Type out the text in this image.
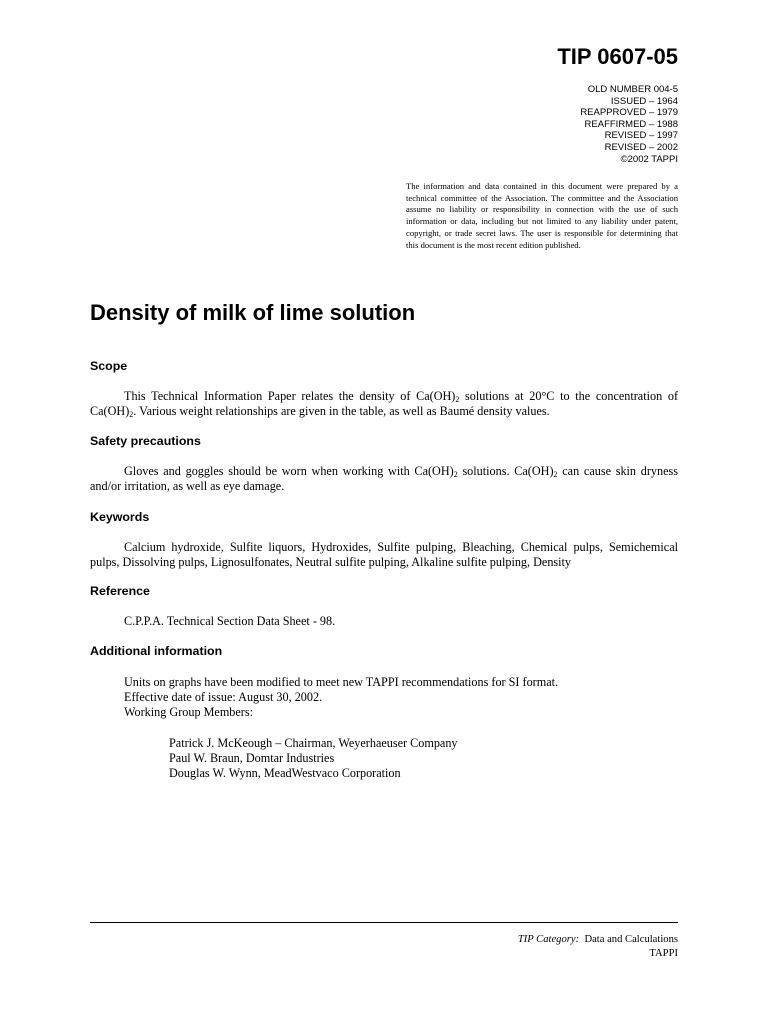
TIP 0607-05
OLD NUMBER 004-5
ISSUED – 1964
REAPPROVED – 1979
REAFFIRMED – 1988
REVISED – 1997
REVISED – 2002
©2002 TAPPI
The information and data contained in this document were prepared by a technical committee of the Association. The committee and the Association assume no liability or responsibility in connection with the use of such information or data, including but not limited to any liability under patent, copyright, or trade secret laws. The user is responsible for determining that this document is the most recent edition published.
Density of milk of lime solution
Scope
This Technical Information Paper relates the density of $Ca(OH)_2$ solutions at 20°C to the concentration of $Ca(OH)_2$. Various weight relationships are given in the table, as well as Baumé density values.
Safety precautions
Gloves and goggles should be worn when working with $Ca(OH)_2$ solutions. $Ca(OH)_2$ can cause skin dryness and/or irritation, as well as eye damage.
Keywords
Calcium hydroxide, Sulfite liquors, Hydroxides, Sulfite pulping, Bleaching, Chemical pulps, Semichemical pulps, Dissolving pulps, Lignosulfonates, Neutral sulfite pulping, Alkaline sulfite pulping, Density
Reference
C.P.P.A. Technical Section Data Sheet - 98.
Additional information
Units on graphs have been modified to meet new TAPPI recommendations for SI format.
Effective date of issue: August 30, 2002.
Working Group Members:
Patrick J. McKeough – Chairman, Weyerhaeuser Company
Paul W. Braun, Domtar Industries
Douglas W. Wynn, MeadWestvaco Corporation
TIP Category: Data and Calculations
TAPPI
